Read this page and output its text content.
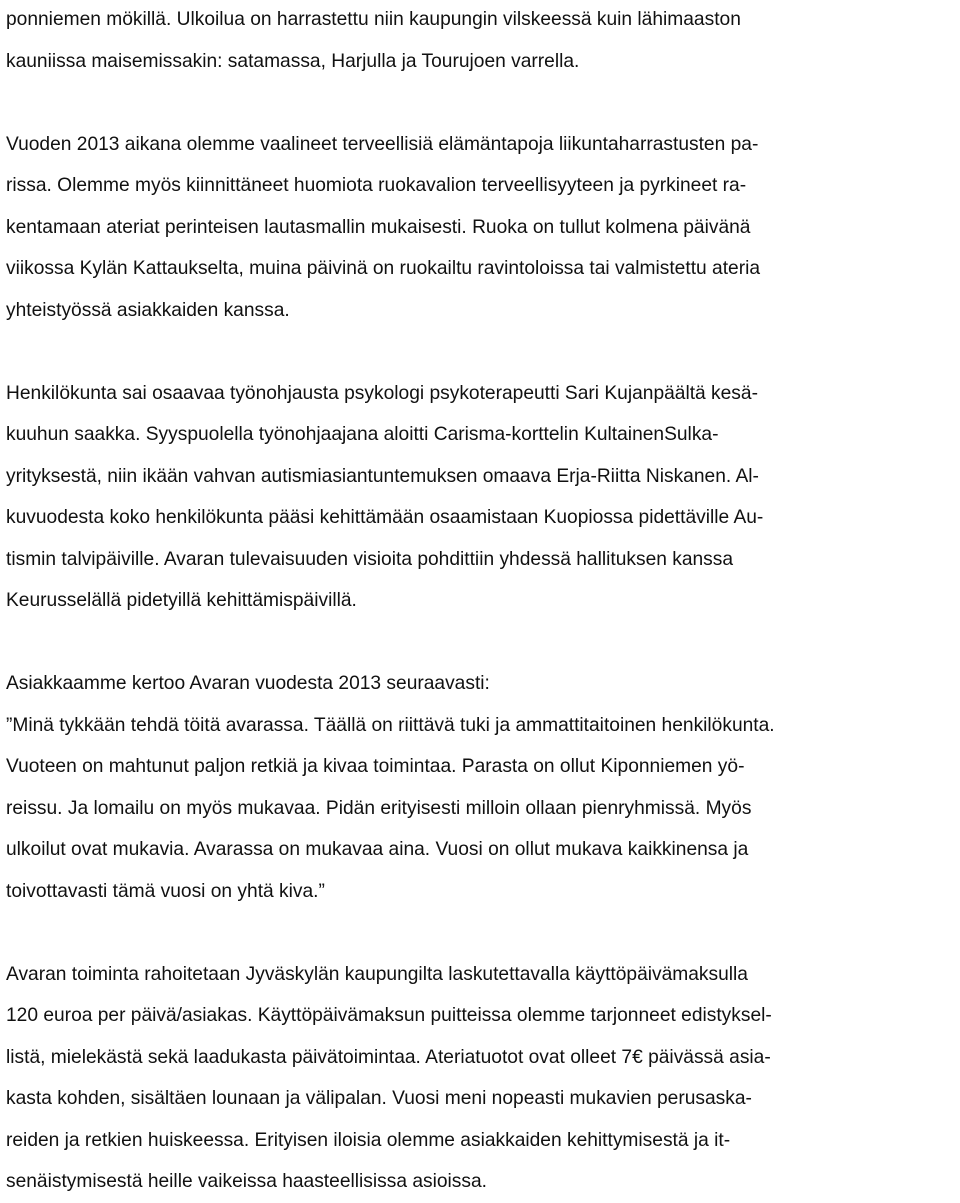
ponniemen mökillä. Ulkoilua on harrastettu niin kaupungin vilskeessä kuin lähimaaston
kauniissa maisemissakin: satamassa, Harjulla ja Tourujoen varrella.
Vuoden 2013 aikana olemme vaalineet terveellisiä elämäntapoja liikuntaharrastusten pa-
rissa. Olemme myös kiinnittäneet huomiota ruokavalion terveellisyyteen ja pyrkineet ra-
kentamaan ateriat perinteisen lautasmallin mukaisesti. Ruoka on tullut kolmena päivänä
viikossa Kylän Kattaukselta, muina päivinä on ruokailtu ravintoloissa tai valmistettu ateria
yhteistyössä asiakkaiden kanssa.
Henkilökunta sai osaavaa työnohjausta psykologi psykoterapeutti Sari Kujanpäältä kesä-
kuuhun saakka. Syyspuolella työnohjaajana aloitti Carisma-korttelin KultainenSulka-
yrityksestä, niin ikään vahvan autismiasiantuntemuksen omaava Erja-Riitta Niskanen. Al-
kuvuodesta koko henkilökunta pääsi kehittämään osaamistaan Kuopiossa pidettäville Au-
tismin talvipäiville. Avaran tulevaisuuden visioita pohdittiin yhdessä hallituksen kanssa
Keurusselällä pidetyillä kehittämispäivillä.
Asiakkaamme kertoo Avaran vuodesta 2013 seuraavasti:
”Minä tykkään tehdä töitä avarassa. Täällä on riittävä tuki ja ammattitaitoinen henkilökunta.
Vuoteen on mahtunut paljon retkiä ja kivaa toimintaa. Parasta on ollut Kiponniemen yö-
reissu. Ja lomailu on myös mukavaa. Pidän erityisesti milloin ollaan pienryhmissä. Myös
ulkoilut ovat mukavia. Avarassa on mukavaa aina. Vuosi on ollut mukava kaikkinensa ja
toivottavasti tämä vuosi on yhtä kiva.”
Avaran toiminta rahoitetaan Jyväskylän kaupungilta laskutettavalla käyttöpäivämaksulla
120 euroa per päivä/asiakas. Käyttöpäivämaksun puitteissa olemme tarjonneet edistyksel-
listä, mielekästä sekä laadukasta päivätoimintaa. Ateriatuotot ovat olleet 7€ päivässä asia-
kasta kohden, sisältäen lounaan ja välipalan. Vuosi meni nopeasti mukavien perusaska-
reiden ja retkien huiskeessa. Erityisen iloisia olemme asiakkaiden kehittymisestä ja it-
senäistymisestä heille vaikeissa haasteellisissa asioissa.
